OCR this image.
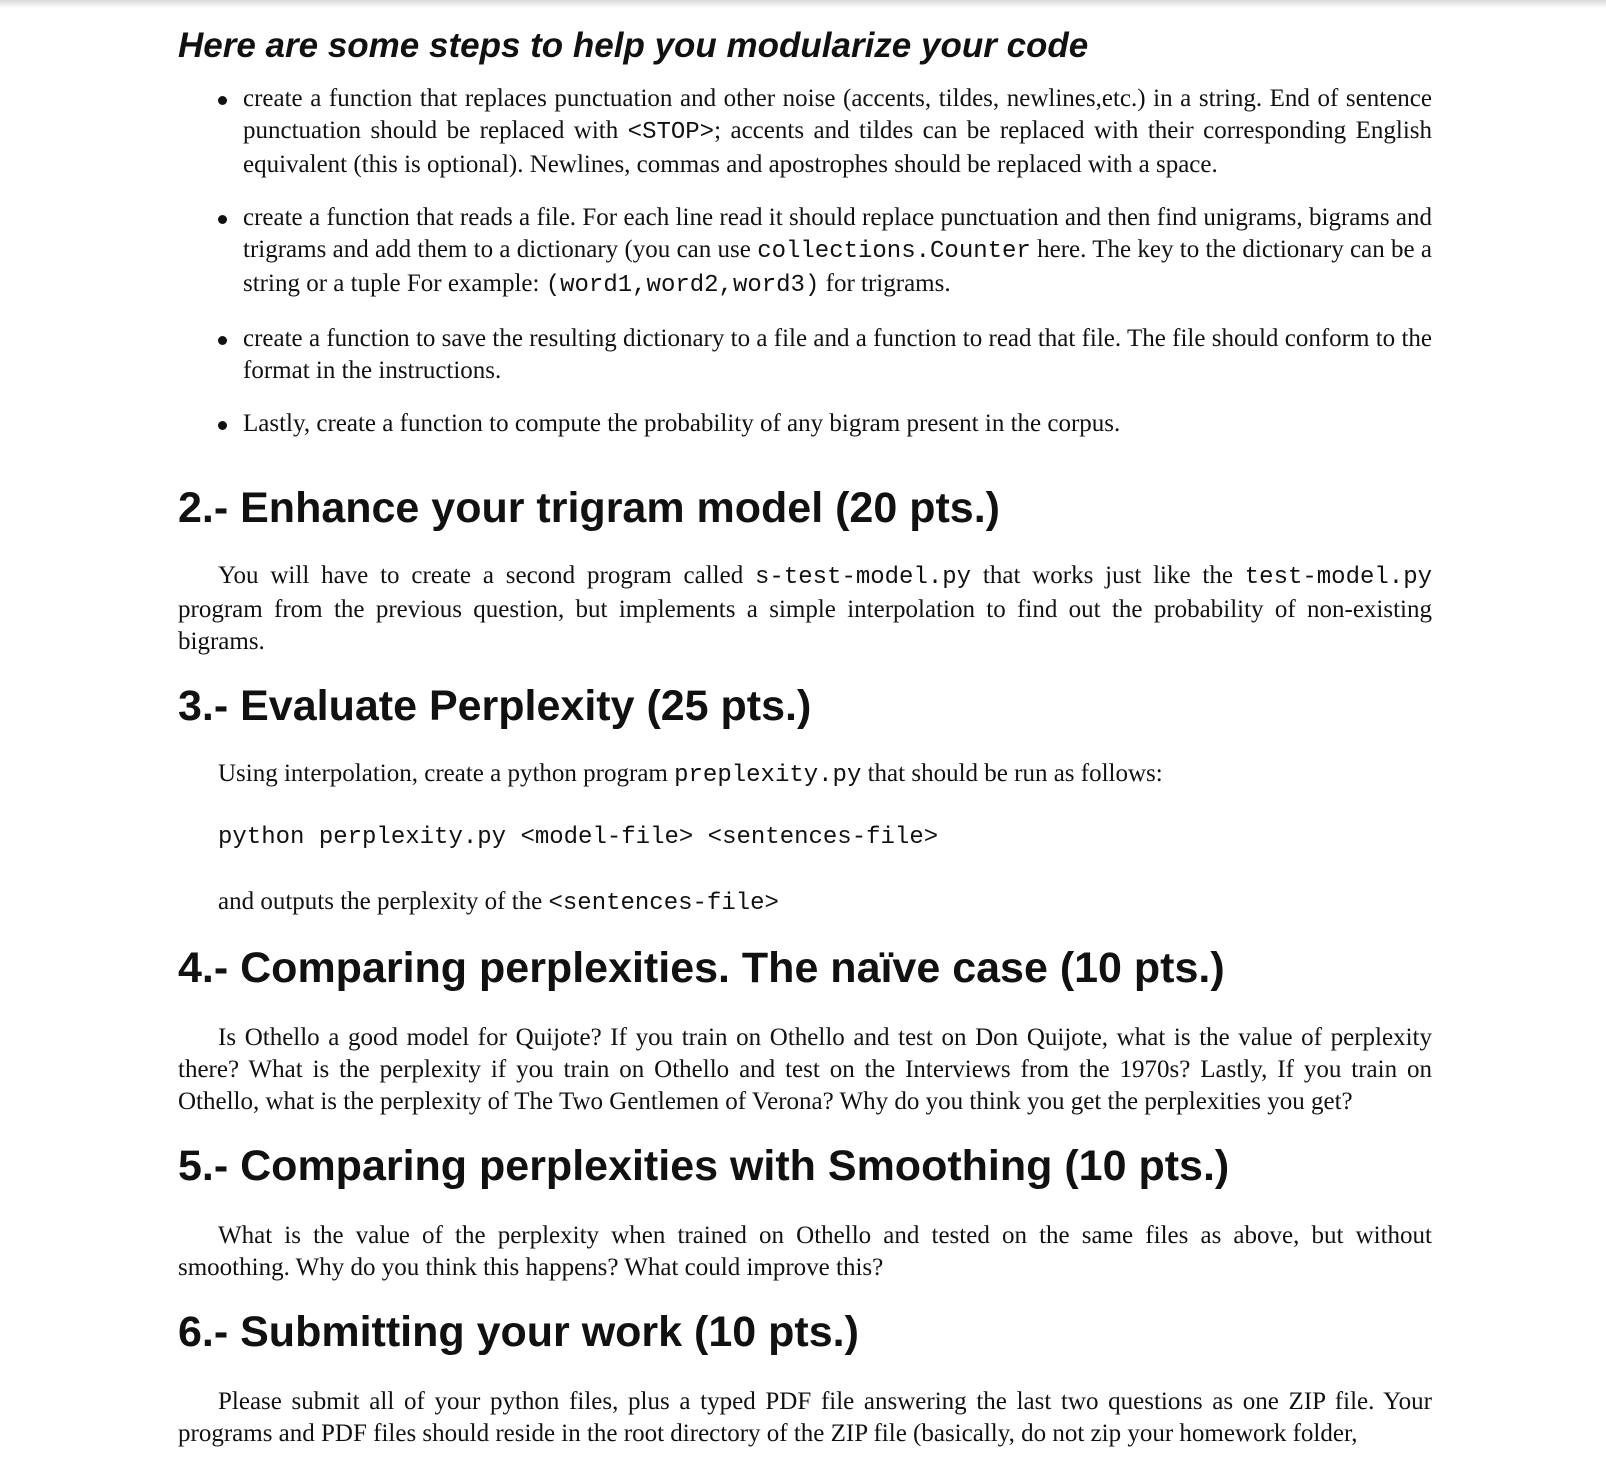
Here are some steps to help you modularize your code
create a function that replaces punctuation and other noise (accents, tildes, newlines,etc.) in a string. End of sentence punctuation should be replaced with <STOP>; accents and tildes can be replaced with their corresponding English equivalent (this is optional). Newlines, commas and apostrophes should be replaced with a space.
create a function that reads a file. For each line read it should replace punctuation and then find unigrams, bigrams and trigrams and add them to a dictionary (you can use collections.Counter here. The key to the dictionary can be a string or a tuple For example: (word1,word2,word3) for trigrams.
create a function to save the resulting dictionary to a file and a function to read that file. The file should conform to the format in the instructions.
Lastly, create a function to compute the probability of any bigram present in the corpus.
2.- Enhance your trigram model (20 pts.)

You will have to create a second program called s-test-model.py that works just like the test-model.py program from the previous question, but implements a simple interpolation to find out the probability of non-existing bigrams.

3.- Evaluate Perplexity (25 pts.)

Using interpolation, create a python program preplexity.py that should be run as follows:

python perplexity.py <model-file> <sentences-file>

and outputs the perplexity of the <sentences-file>

4.- Comparing perplexities. The naïve case (10 pts.)

Is Othello a good model for Quijote? If you train on Othello and test on Don Quijote, what is the value of perplexity there? What is the perplexity if you train on Othello and test on the Interviews from the 1970s? Lastly, If you train on Othello, what is the perplexity of The Two Gentlemen of Verona? Why do you think you get the perplexities you get?

5.- Comparing perplexities with Smoothing (10 pts.)

What is the value of the perplexity when trained on Othello and tested on the same files as above, but without smoothing. Why do you think this happens? What could improve this?

6.- Submitting your work (10 pts.)

Please submit all of your python files, plus a typed PDF file answering the last two questions as one ZIP file. Your programs and PDF files should reside in the root directory of the ZIP file (basically, do not zip your homework folder,
